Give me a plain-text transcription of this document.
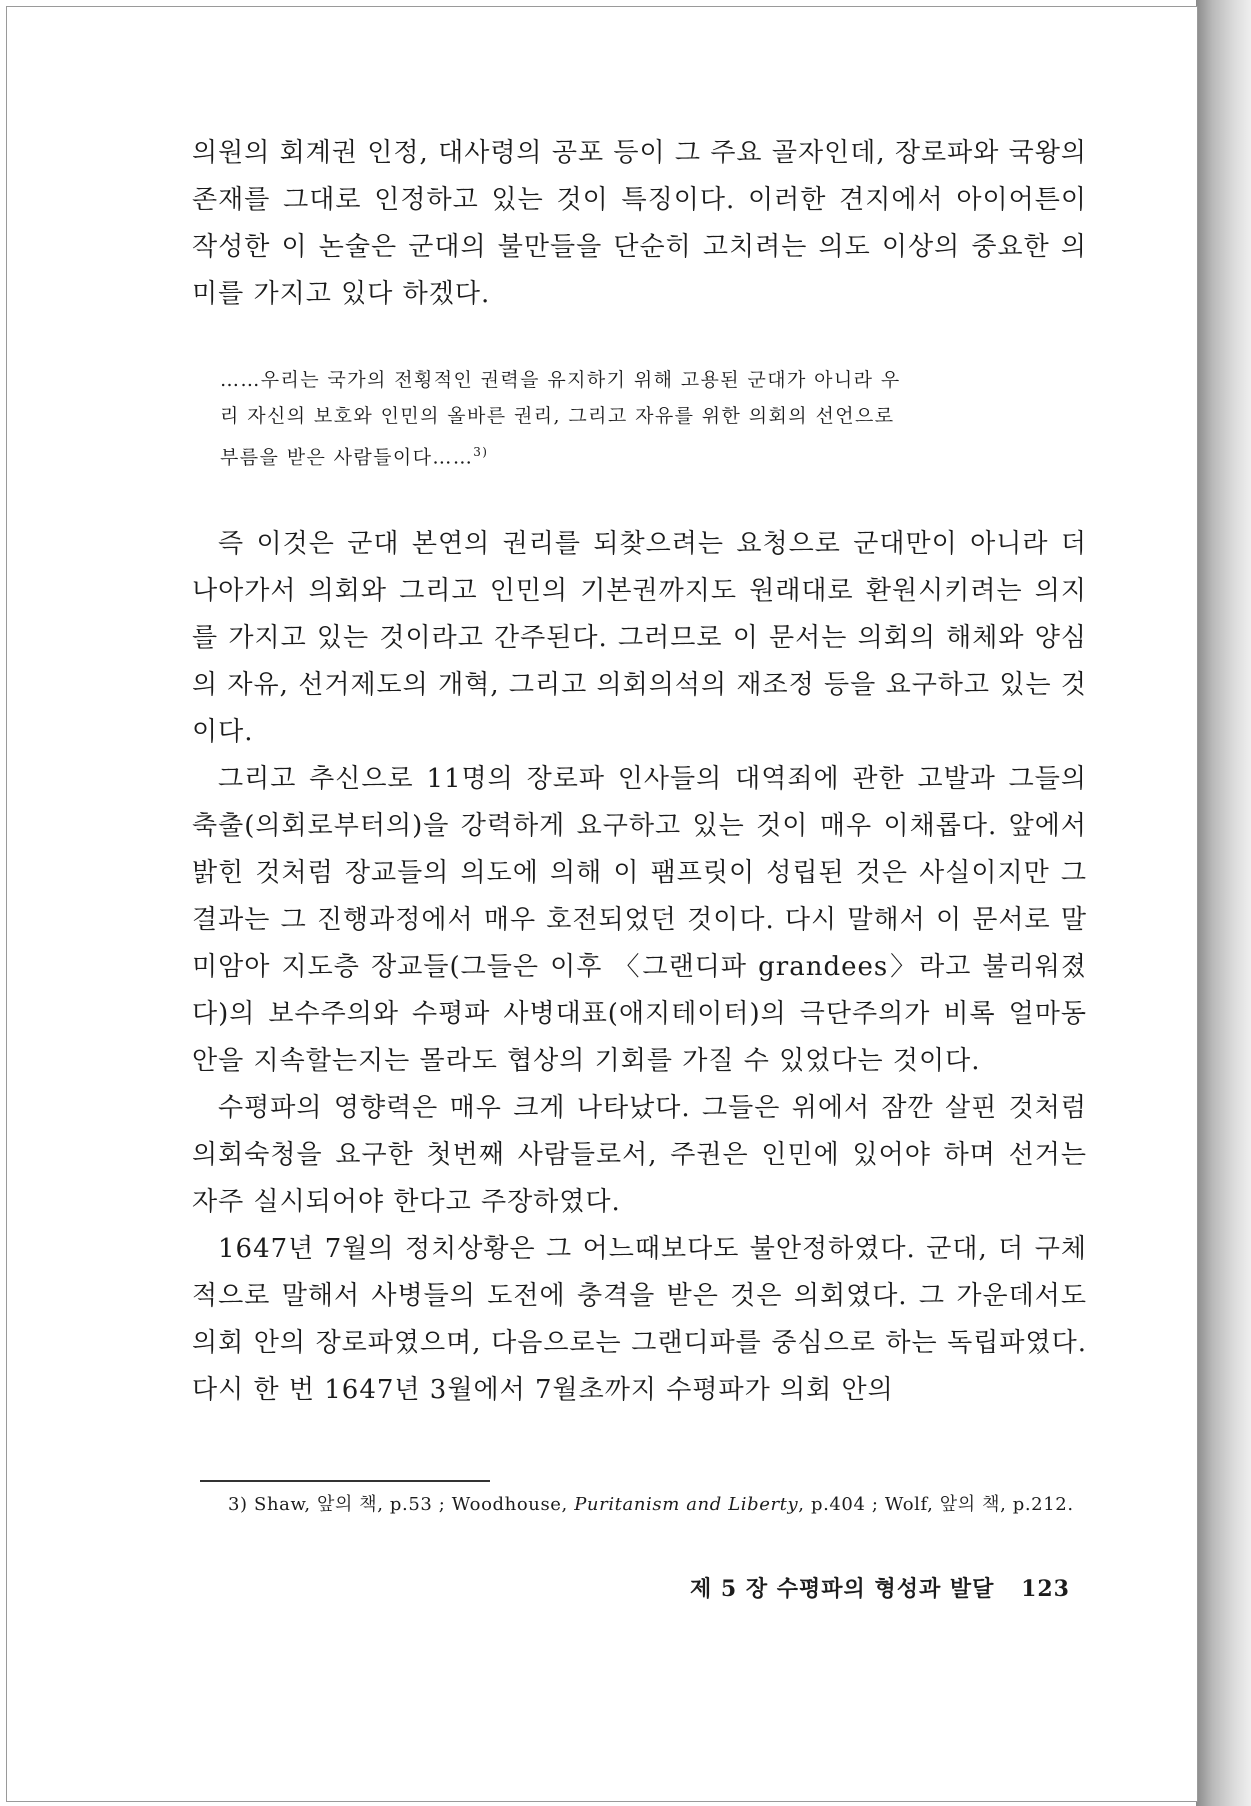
의원의 회계권 인정, 대사령의 공포 등이 그 주요 골자인데, 장로파와 국왕의 존재를 그대로 인정하고 있는 것이 특징이다. 이러한 견지에서 아이어튼이 작성한 이 논술은 군대의 불만들을 단순히 고치려는 의도 이상의 중요한 의미를 가지고 있다 하겠다.

……우리는 국가의 전횡적인 권력을 유지하기 위해 고용된 군대가 아니라 우
리 자신의 보호와 인민의 올바른 권리, 그리고 자유를 위한 의회의 선언으로
부름을 받은 사람들이다……$^{3)}$

즉 이것은 군대 본연의 권리를 되찾으려는 요청으로 군대만이 아니라 더 나아가서 의회와 그리고 인민의 기본권까지도 원래대로 환원시키려는 의지를 가지고 있는 것이라고 간주된다. 그러므로 이 문서는 의회의 해체와 양심의 자유, 선거제도의 개혁, 그리고 의회의석의 재조정 등을 요구하고 있는 것이다.

그리고 추신으로 11명의 장로파 인사들의 대역죄에 관한 고발과 그들의 축출(의회로부터의)을 강력하게 요구하고 있는 것이 매우 이채롭다. 앞에서 밝힌 것처럼 장교들의 의도에 의해 이 팸프릿이 성립된 것은 사실이지만 그 결과는 그 진행과정에서 매우 호전되었던 것이다. 다시 말해서 이 문서로 말미암아 지도층 장교들(그들은 이후 〈그랜디파 grandees〉라고 불리워졌다)의 보수주의와 수평파 사병대표(애지테이터)의 극단주의가 비록 얼마동안을 지속할는지는 몰라도 협상의 기회를 가질 수 있었다는 것이다.

수평파의 영향력은 매우 크게 나타났다. 그들은 위에서 잠깐 살핀 것처럼 의회숙청을 요구한 첫번째 사람들로서, 주권은 인민에 있어야 하며 선거는 자주 실시되어야 한다고 주장하였다.

1647년 7월의 정치상황은 그 어느때보다도 불안정하였다. 군대, 더 구체적으로 말해서 사병들의 도전에 충격을 받은 것은 의회였다. 그 가운데서도 의회 안의 장로파였으며, 다음으로는 그랜디파를 중심으로 하는 독립파였다. 다시 한 번 1647년 3월에서 7월초까지 수평파가 의회 안의

3) Shaw, 앞의 책, p.53 ; Woodhouse, Puritanism and Liberty, p.404 ; Wolf, 앞의 책, p.212.
제 5 장 수평파의 형성과 발달 123
